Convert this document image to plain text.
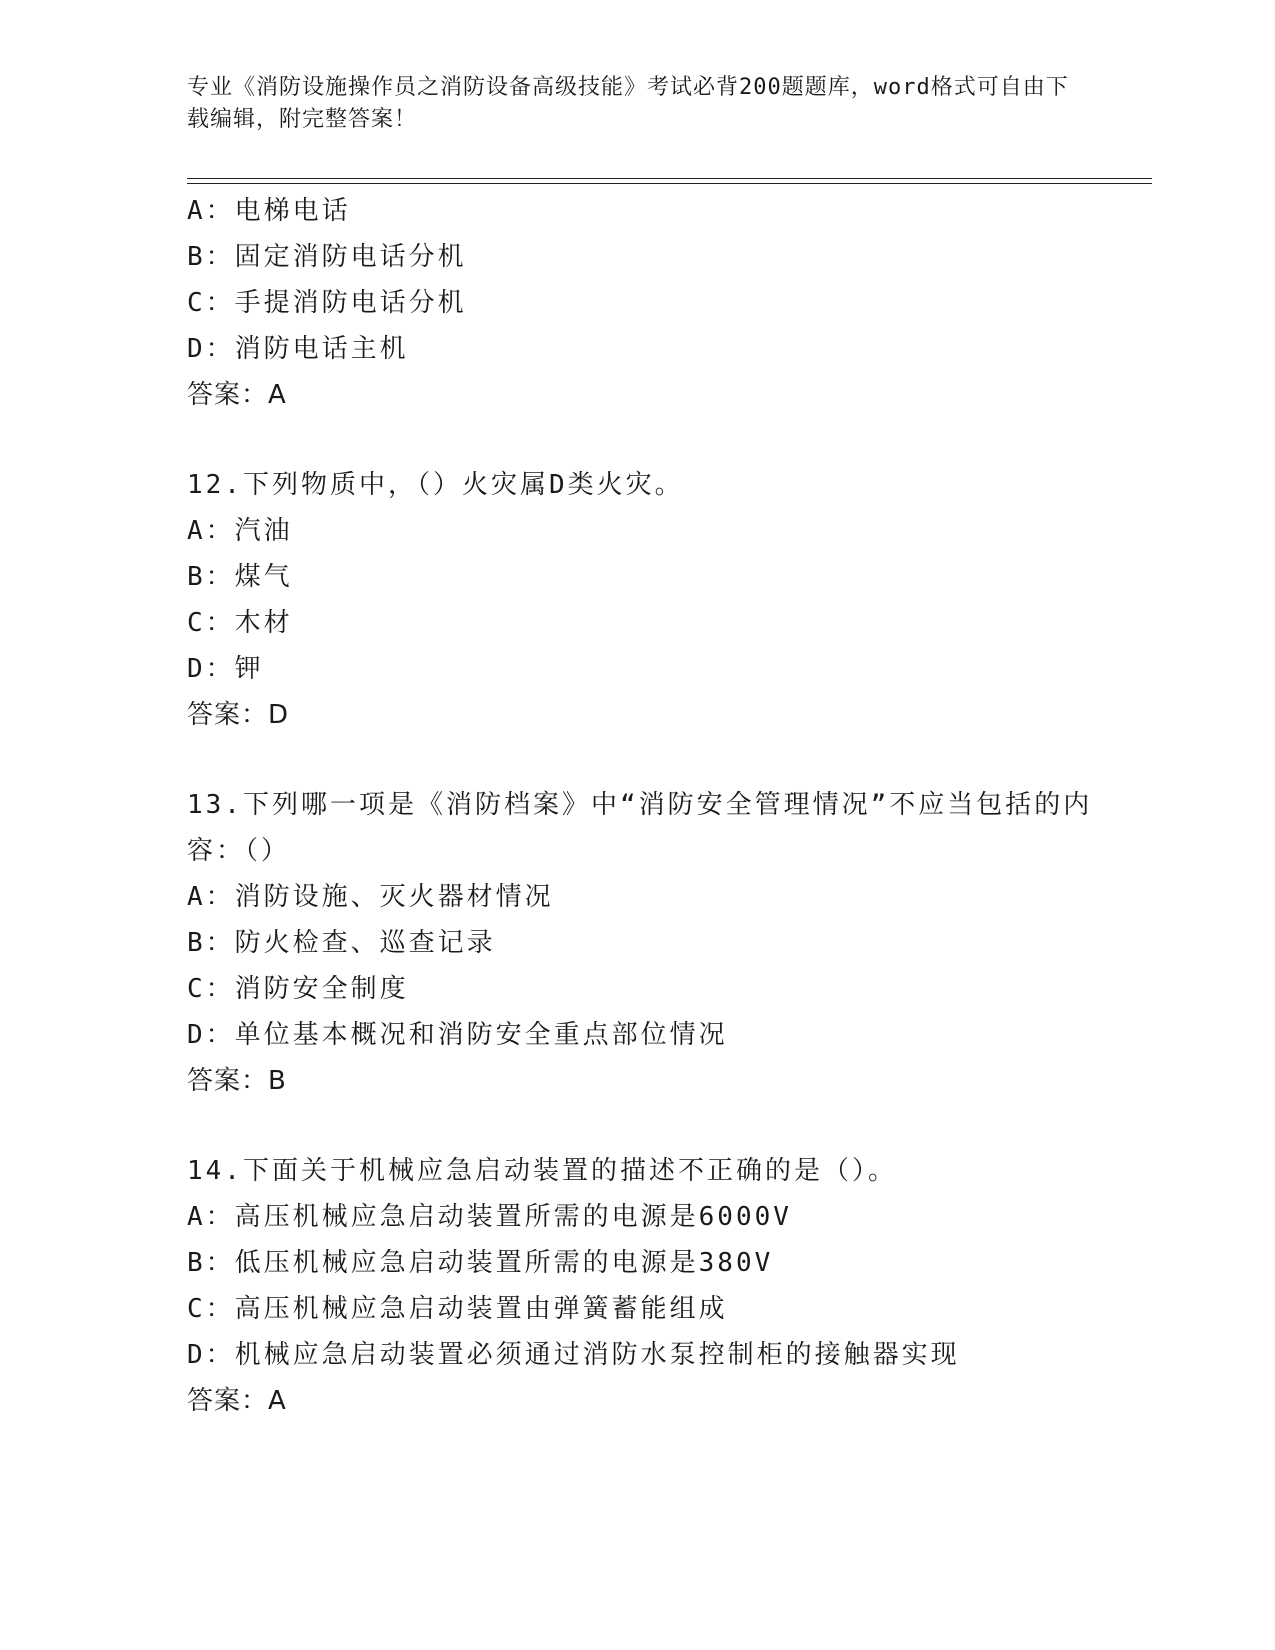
专业《消防设施操作员之消防设备高级技能》考试必背200题题库，word格式可自由下载编辑，附完整答案！
A：电梯电话
B：固定消防电话分机
C：手提消防电话分机
D：消防电话主机
答案：A
12.下列物质中，（）火灾属D类火灾。
A：汽油
B：煤气
C：木材
D：钾
答案：D
13.下列哪一项是《消防档案》中“消防安全管理情况”不应当包括的内容：（）
A：消防设施、灭火器材情况
B：防火检查、巡查记录
C：消防安全制度
D：单位基本概况和消防安全重点部位情况
答案：B
14.下面关于机械应急启动装置的描述不正确的是（）。
A：高压机械应急启动装置所需的电源是6000V
B：低压机械应急启动装置所需的电源是380V
C：高压机械应急启动装置由弹簧蓄能组成
D：机械应急启动装置必须通过消防水泵控制柜的接触器实现
答案：A
